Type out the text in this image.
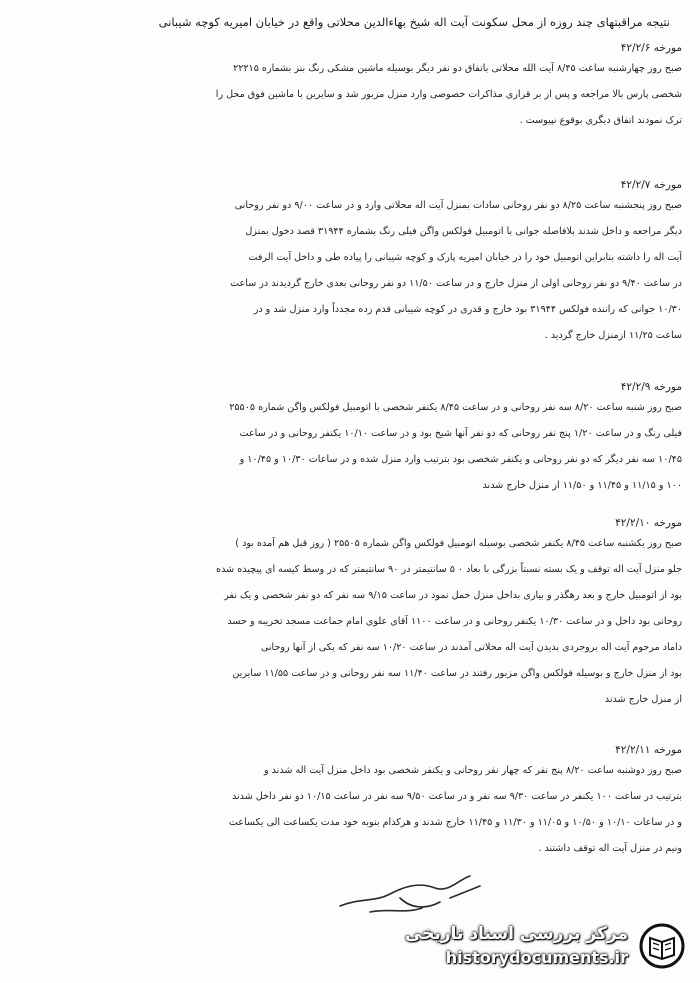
نتیجه مراقبتهای چند روزه از محل سکونت آیت اله شیخ بهاءالدین محلاتی واقع در خیابان امیریه کوچه شیبانی
مورخه ۴۲/۲/۶
صبح روز چهارشنبه ساعت ۸/۴۵ آیت الله محلاتی باتفاق دو نفر دیگر بوسیله ماشین مشکی رنگ بنز بشماره ۲۲۲۱۵
شخصی پارس بالا مراجعه و پس از بر قراری مذاکرات خصوصی وارد منزل مزبور شد و سایرین با ماشین فوق محل را
ترک نمودند اتفاق دیگری بوقوع نپیوست .
مورخه ۴۲/۲/۷
صبح روز پنجشنبه ساعت ۸/۲۵ دو نفر روحانی سادات بمنزل آیت اله محلاتی وارد و در ساعت ۹/۰۰ دو نفر روحانی
دیگر مراجعه و داخل شدند بلافاصله جوانی با اتومبیل فولکس واگن فیلی رنگ بشماره ۳۱۹۴۴ قصد دخول بمنزل
آیت اله را داشته بنابراین اتومبیل خود را در خیابان امیریه پارک و کوچه شیبانی را پیاده طی و داخل آیت الرفت
در ساعت ۹/۴۰ دو نفر روحانی اولی از منزل خارج و در ساعت ۱۱/۵۰ دو نفر روحانی بعدی خارج گردیدند در ساعت
۱۰/۳۰ جوانی که راننده فولکس ۳۱۹۴۴ بود خارج و قدری در کوچه شیبانی قدم زده مجدداً وارد منزل شد و در
ساعت ۱۱/۲۵ ازمنزل خارج گردید .
مورخه ۴۲/۲/۹
صبح روز شنبه ساعت ۸/۲۰ سه نفر روحانی و در ساعت ۸/۴۵ یکنفر شخصی با اتومبیل فولکس واگن شماره ۲۵۵۰۵
فیلی رنگ و در ساعت ۱/۲۰ پنج نفر روحانی که دو نفر آنها شیخ بود و در ساعت ۱۰/۱۰ یکنفر روحانی و در ساعت
۱۰/۴۵ سه نفر دیگر که دو نفر روحانی و یکنفر شخصی بود بترتیب وارد منزل شده و در ساعات ۱۰/۳۰ و ۱۰/۴۵ و
۱۰۰ و ۱۱/۱۵ و ۱۱/۴۵ و ۱۱/۵۰ از منزل خارج شدند
مورخه ۴۲/۲/۱۰
صبح روز یکشنبه ساعت ۸/۴۵ یکنفر شخصی بوسیله اتومبیل فولکس واگن شماره ۲۵۵۰۵ ( روز قبل هم آمده بود )
جلو منزل آیت اله توقف و یک بسته نسبتاً بزرگی با بعاد ۰ ۵ سانتیمتر در ۹۰ سانتیمتر که در وسط کیسه ای پیچیده شده
بود از اتومبیل خارج و بعد رهگذر و بیاری بداخل منزل حمل نمود در ساعت ۹/۱۵ سه نفر که دو نفر شخصی و یک نفر
روحانی بود داخل و در ساعت ۱۰/۳۰ یکنفر روحانی و در ساعت ۱۱۰۰ آقای علوی امام جماعت مسجد تخریبه و حسد
داماد مرحوم آیت اله بروجردی بدیدن آیت اله محلاتی آمدند در ساعت ۱۰/۲۰ سه نفر که یکی از آنها روحانی
بود از منزل خارج و بوسیله فولکس واگن مزبور رفتند در ساعت ۱۱/۴۰ سه نفر روحانی و در ساعت ۱۱/۵۵ سایرین
از منزل خارج شدند
مورخه ۴۲/۲/۱۱
صبح روز دوشنبه ساعت ۸/۲۰ پنج نفر که چهار نفر روحانی و یکنفر شخصی بود داخل منزل آیت اله شدند و
بترتیب در ساعت ۱۰۰ یکنفر در ساعت ۹/۳۰ سه نفر و در ساعت ۹/۵۰ سه نفر در ساعت ۱۰/۱۵ دو نفر داخل شدند
و در ساعات ۱۰/۱۰ و ۱۰/۵۰ و ۱۱/۰۵ و ۱۱/۳۰ و ۱۱/۴۵ خارج شدند و هرکدام بنوبه خود مدت یکساعت الی یکساعت
ونیم در منزل آیت اله توقف داشتند .
مرکز بررسی اسناد تاریخی
historydocuments.ir
